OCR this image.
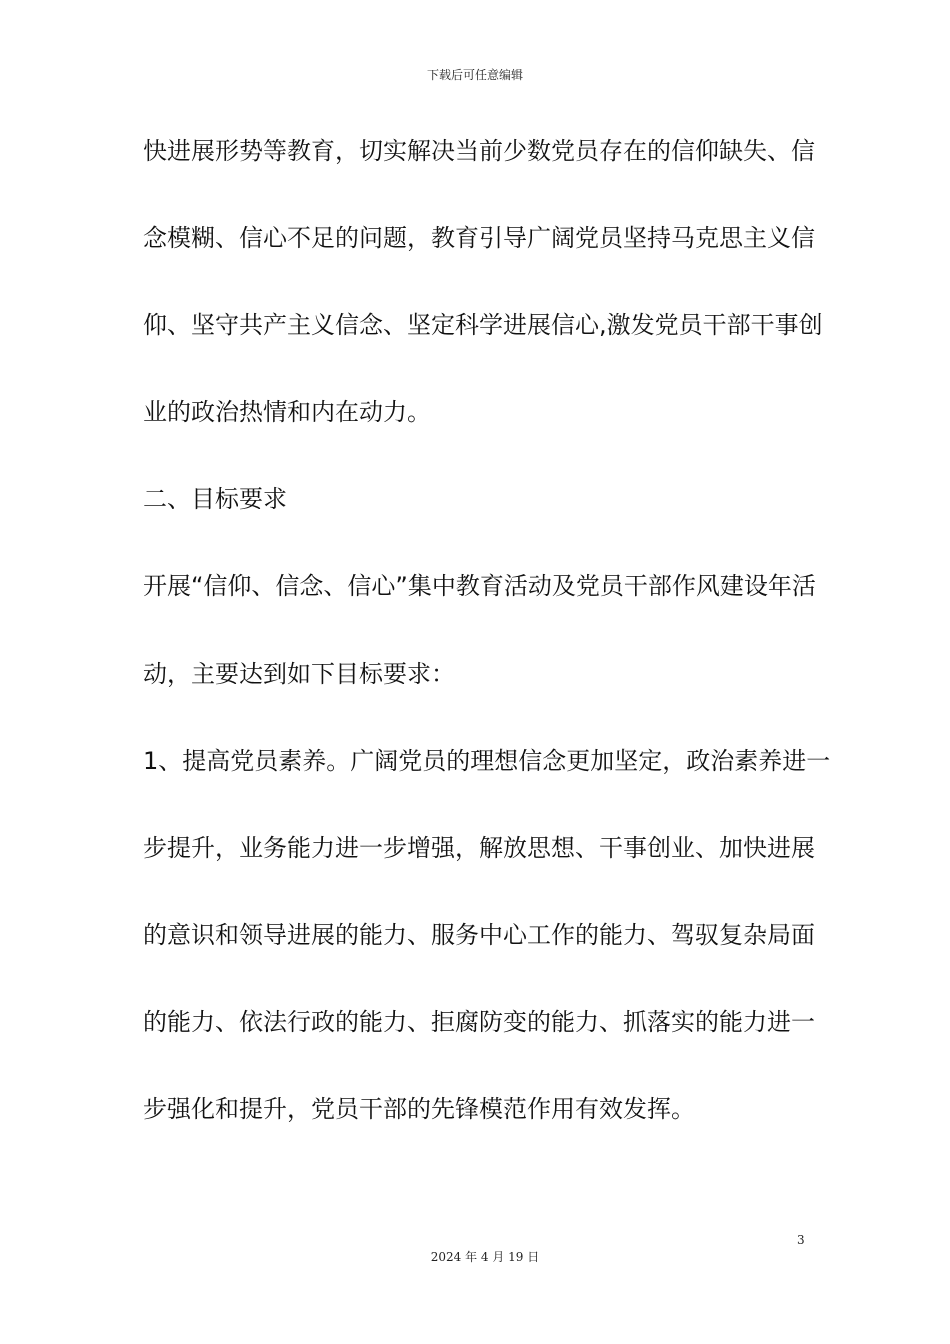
下载后可任意编辑
快进展形势等教育，切实解决当前少数党员存在的信仰缺失、信
念模糊、信心不足的问题，教育引导广阔党员坚持马克思主义信
仰、坚守共产主义信念、坚定科学进展信心,激发党员干部干事创
业的政治热情和内在动力。
二、目标要求
开展“信仰、信念、信心”集中教育活动及党员干部作风建设年活
动，主要达到如下目标要求：
1、提高党员素养。广阔党员的理想信念更加坚定，政治素养进一
步提升，业务能力进一步增强，解放思想、干事创业、加快进展
的意识和领导进展的能力、服务中心工作的能力、驾驭复杂局面
的能力、依法行政的能力、拒腐防变的能力、抓落实的能力进一
步强化和提升，党员干部的先锋模范作用有效发挥。
3
2024 年 4 月 19 日
